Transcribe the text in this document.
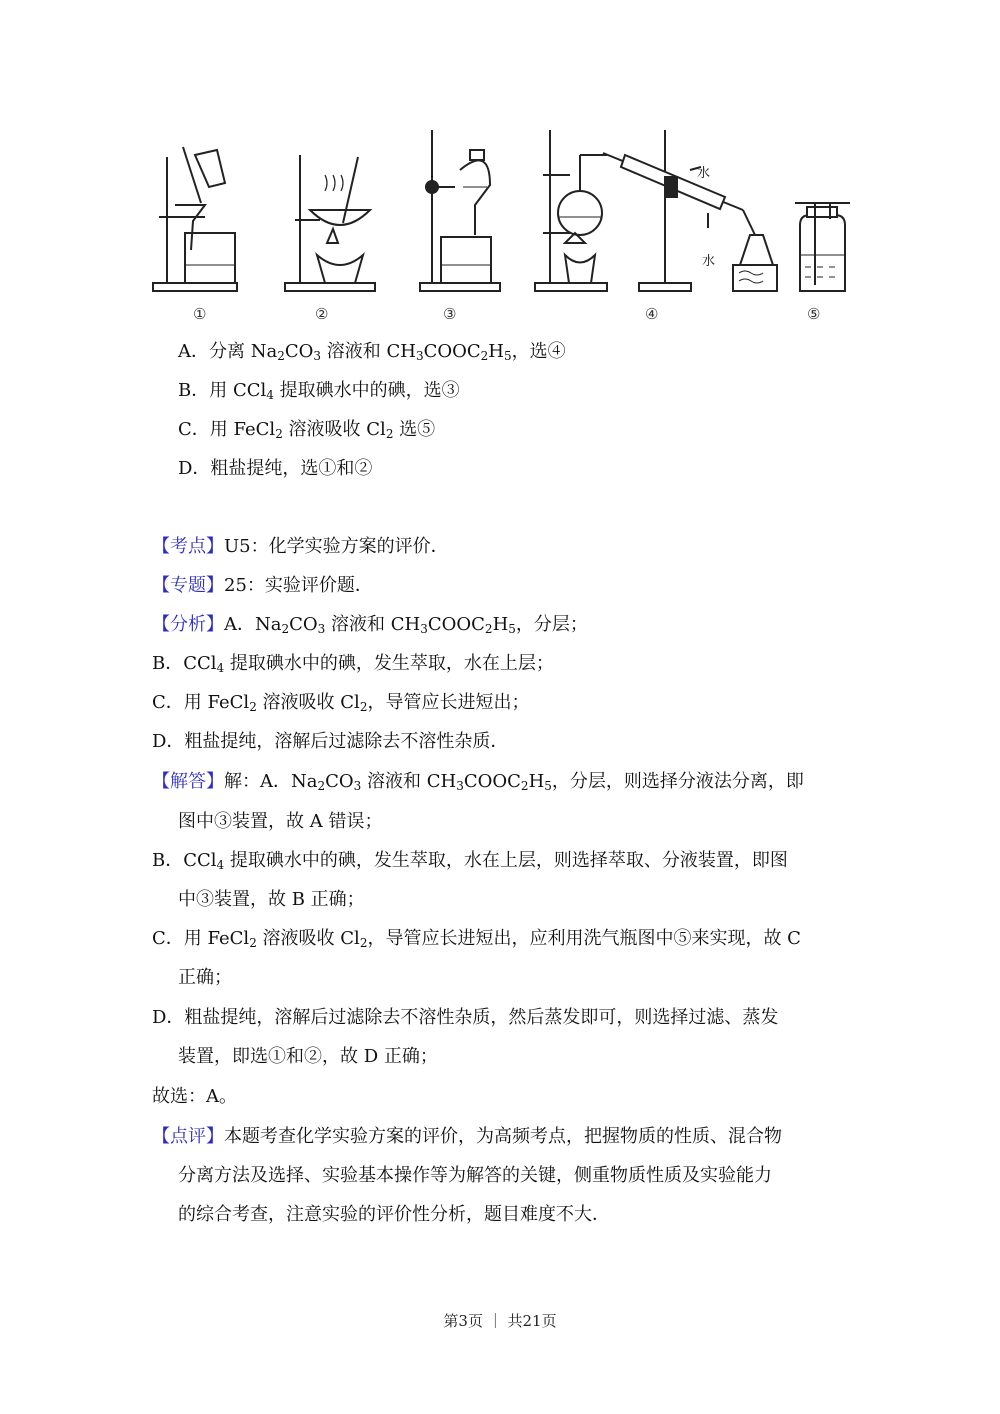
水
水
①	②	③	④	⑤
A．分离 $Na_2CO_3$ 溶液和 $CH_3COOC_2H_5$，选④
B．用 CCl$_4$ 提取碘水中的碘，选③
C．用 FeCl$_2$ 溶液吸收 $Cl_2$ 选⑤
D．粗盐提纯，选①和②
【考点】U5：化学实验方案的评价．
【专题】25：实验评价题．
【分析】A．$Na_2CO_3$ 溶液和 $CH_3COOC_2H_5$，分层；
B．CCl$_4$ 提取碘水中的碘，发生萃取，水在上层；
C．用 FeCl$_2$ 溶液吸收 $Cl_2$，导管应长进短出；
D．粗盐提纯，溶解后过滤除去不溶性杂质．
【解答】解：A．$Na_2CO_3$ 溶液和 $CH_3COOC_2H_5$，分层，则选择分液法分离，即
图中③装置，故 A 错误；
B．CCl$_4$ 提取碘水中的碘，发生萃取，水在上层，则选择萃取、分液装置，即图
中③装置，故 B 正确；
C．用 FeCl$_2$ 溶液吸收 $Cl_2$，导管应长进短出，应利用洗气瓶图中⑤来实现，故 C
正确；
D．粗盐提纯，溶解后过滤除去不溶性杂质，然后蒸发即可，则选择过滤、蒸发
装置，即选①和②，故 D 正确；
故选：A。
【点评】本题考查化学实验方案的评价，为高频考点，把握物质的性质、混合物
分离方法及选择、实验基本操作等为解答的关键，侧重物质性质及实验能力
的综合考查，注意实验的评价性分析，题目难度不大．
第3页 ｜ 共21页
